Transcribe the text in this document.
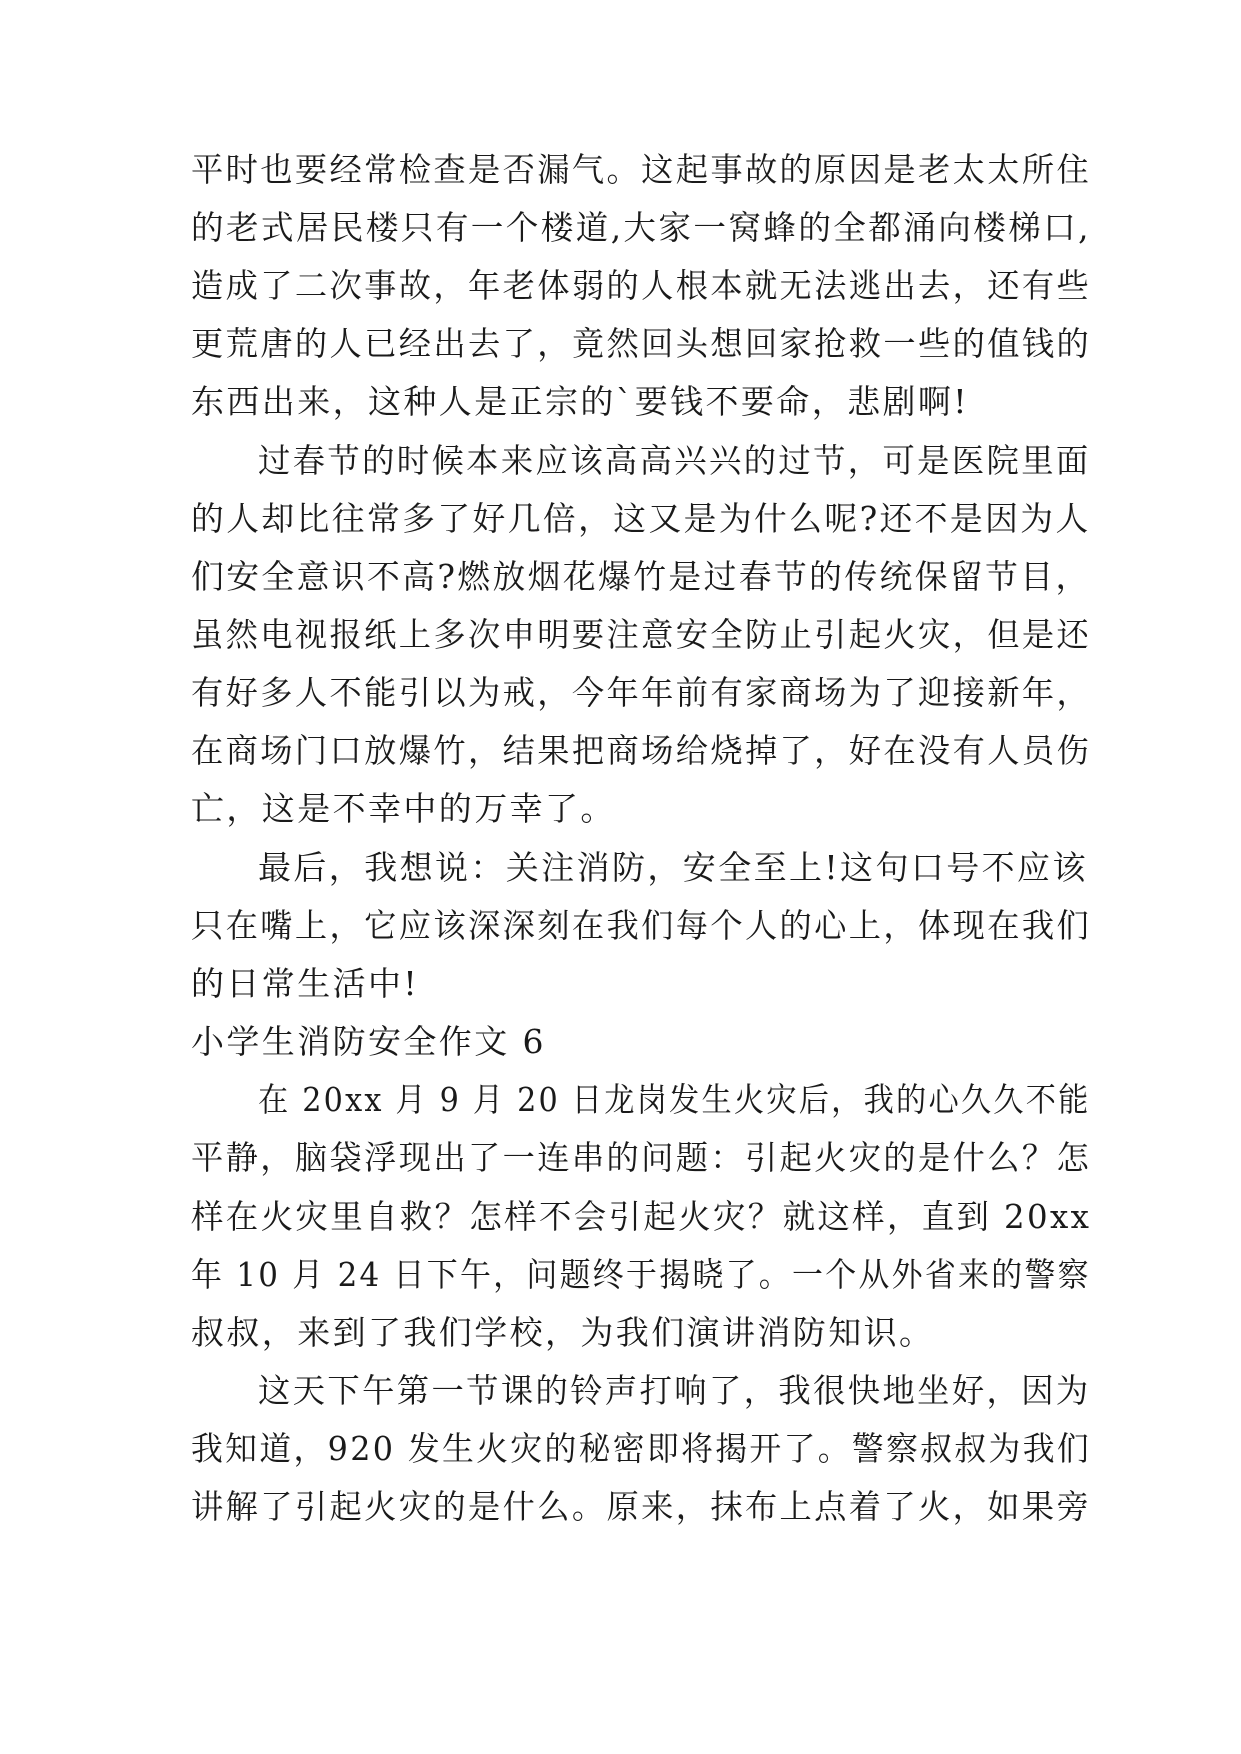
平时也要经常检查是否漏气。这起事故的原因是老太太所住
的老式居民楼只有一个楼道,大家一窝蜂的全都涌向楼梯口,
造成了二次事故，年老体弱的人根本就无法逃出去，还有些
更荒唐的人已经出去了，竟然回头想回家抢救一些的值钱的
东西出来，这种人是正宗的`要钱不要命，悲剧啊!
过春节的时候本来应该高高兴兴的过节，可是医院里面
的人却比往常多了好几倍，这又是为什么呢?还不是因为人
们安全意识不高?燃放烟花爆竹是过春节的传统保留节目，
虽然电视报纸上多次申明要注意安全防止引起火灾，但是还
有好多人不能引以为戒，今年年前有家商场为了迎接新年，
在商场门口放爆竹，结果把商场给烧掉了，好在没有人员伤
亡，这是不幸中的万幸了。
最后，我想说：关注消防，安全至上!这句口号不应该
只在嘴上，它应该深深刻在我们每个人的心上，体现在我们
的日常生活中!
小学生消防安全作文 6
在 20xx 月 9 月 20 日龙岗发生火灾后，我的心久久不能
平静，脑袋浮现出了一连串的问题：引起火灾的是什么？怎
样在火灾里自救？怎样不会引起火灾？就这样，直到 20xx
年 10 月 24 日下午，问题终于揭晓了。一个从外省来的警察
叔叔，来到了我们学校，为我们演讲消防知识。
这天下午第一节课的铃声打响了，我很快地坐好，因为
我知道，920 发生火灾的秘密即将揭开了。警察叔叔为我们
讲解了引起火灾的是什么。原来，抹布上点着了火，如果旁
